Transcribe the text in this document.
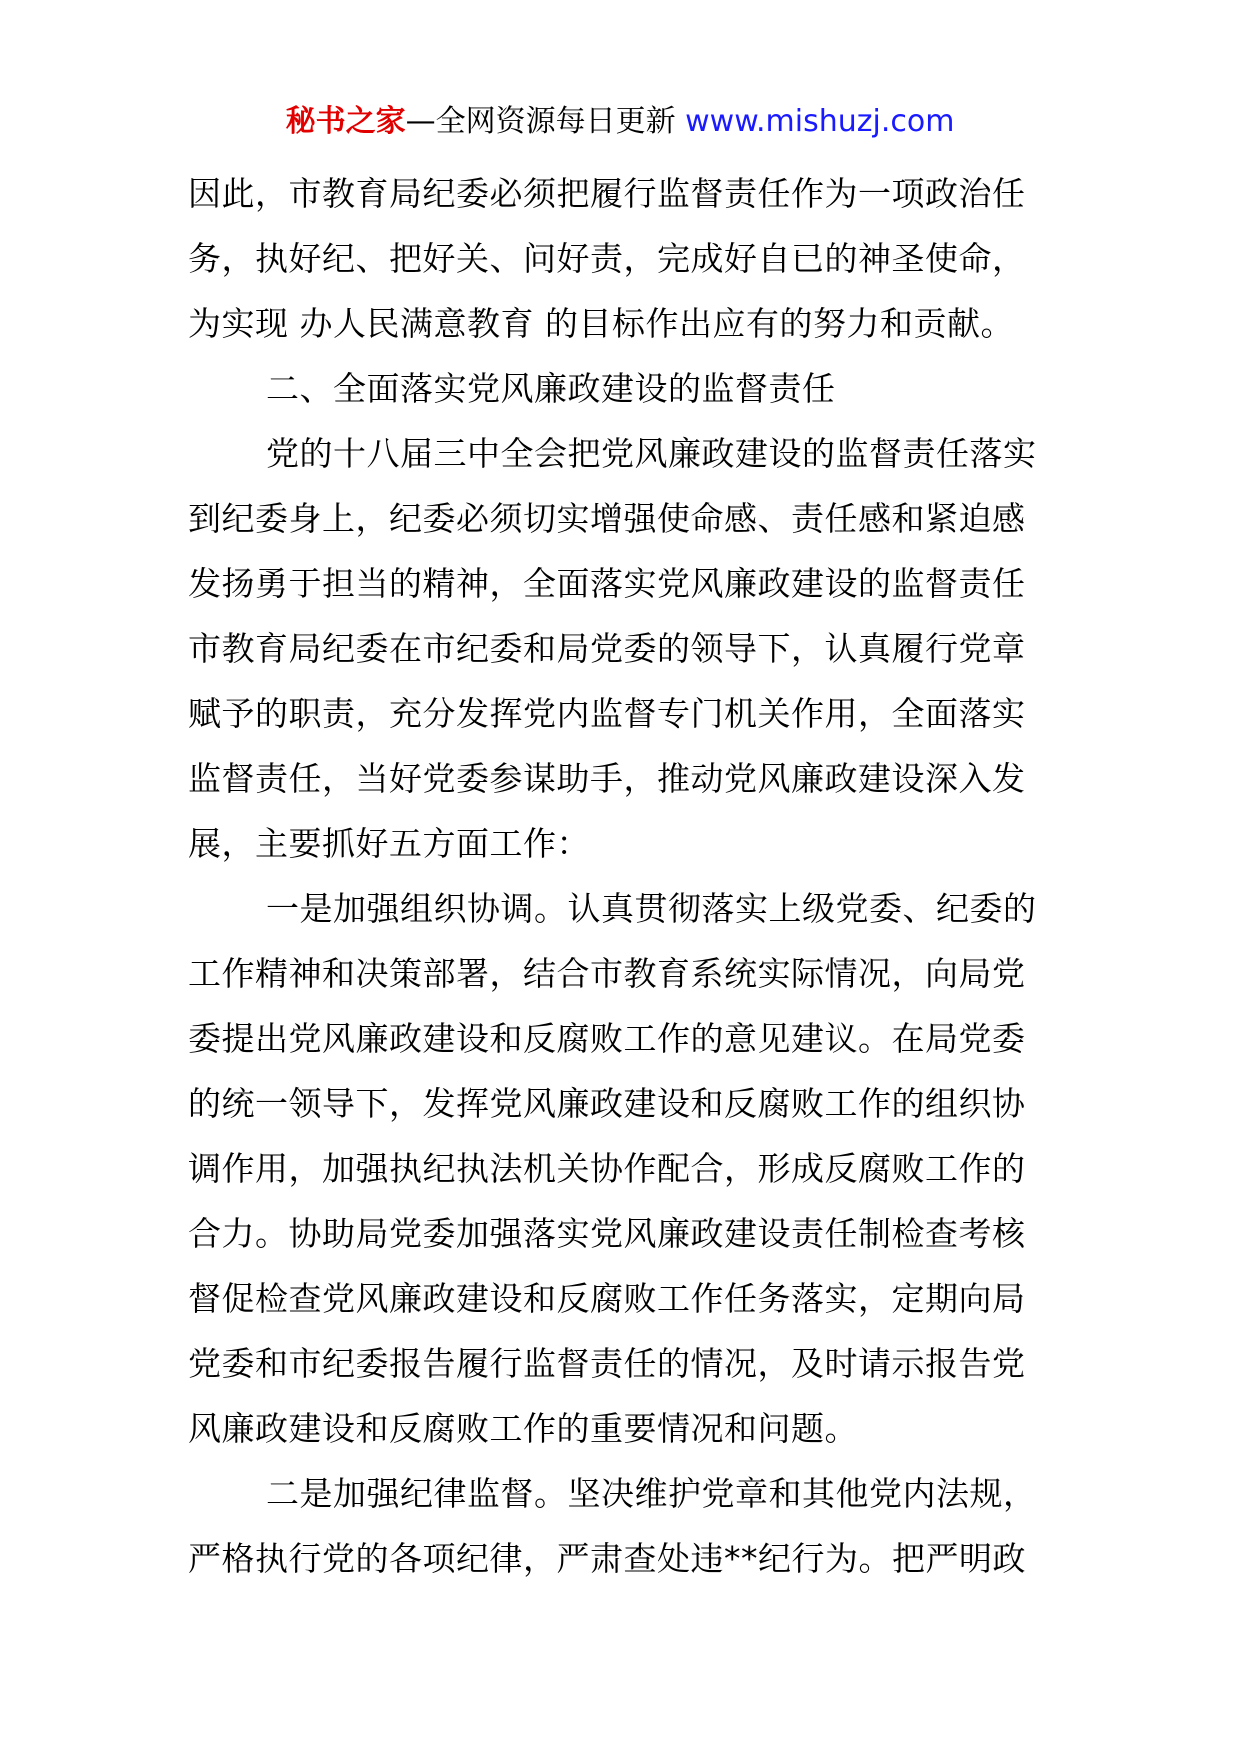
秘书之家—全网资源每日更新 www.mishuzj.com
因此，市教育局纪委必须把履行监督责任作为一项政治任
务，执好纪、把好关、问好责，完成好自已的神圣使命，
为实现 办人民满意教育 的目标作出应有的努力和贡献。
二、全面落实党风廉政建设的监督责任
党的十八届三中全会把党风廉政建设的监督责任落实
到纪委身上，纪委必须切实增强使命感、责任感和紧迫感
发扬勇于担当的精神，全面落实党风廉政建设的监督责任
市教育局纪委在市纪委和局党委的领导下，认真履行党章
赋予的职责，充分发挥党内监督专门机关作用，全面落实
监督责任，当好党委参谋助手，推动党风廉政建设深入发
展，主要抓好五方面工作：
一是加强组织协调。认真贯彻落实上级党委、纪委的
工作精神和决策部署，结合市教育系统实际情况，向局党
委提出党风廉政建设和反腐败工作的意见建议。在局党委
的统一领导下，发挥党风廉政建设和反腐败工作的组织协
调作用，加强执纪执法机关协作配合，形成反腐败工作的
合力。协助局党委加强落实党风廉政建设责任制检查考核
督促检查党风廉政建设和反腐败工作任务落实，定期向局
党委和市纪委报告履行监督责任的情况，及时请示报告党
风廉政建设和反腐败工作的重要情况和问题。
二是加强纪律监督。坚决维护党章和其他党内法规，
严格执行党的各项纪律，严肃查处违**纪行为。把严明政
